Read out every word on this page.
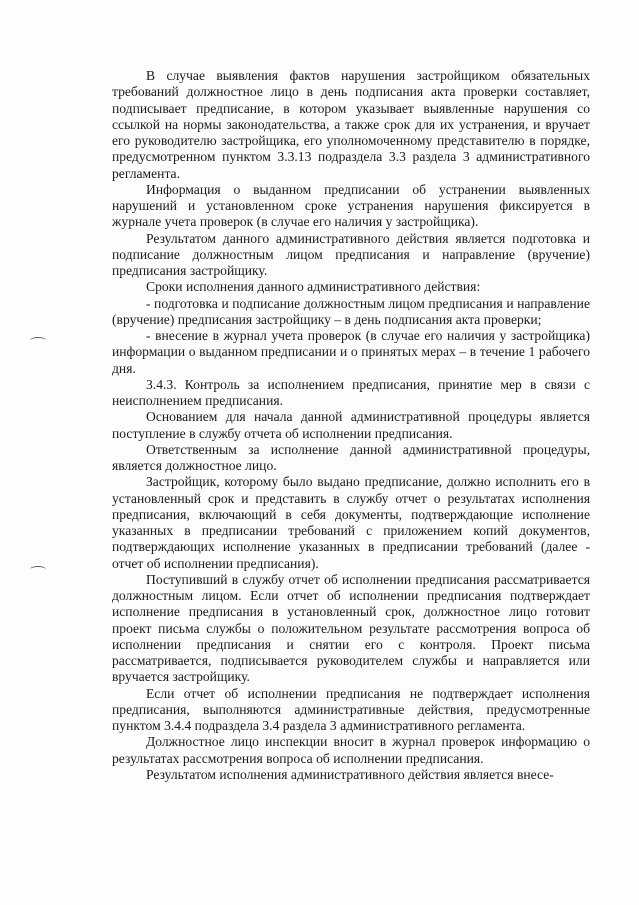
В случае выявления фактов нарушения застройщиком обязательных требований должностное лицо в день подписания акта проверки составляет, подписывает предписание, в котором указывает выявленные нарушения со ссылкой на нормы законодательства, а также срок для их устранения, и вручает его руководителю застройщика, его уполномоченному представителю в порядке, предусмотренном пунктом 3.3.13 подраздела 3.3 раздела 3 административного регламента.

Информация о выданном предписании об устранении выявленных нарушений и установленном сроке устранения нарушения фиксируется в журнале учета проверок (в случае его наличия у застройщика).

Результатом данного административного действия является подготовка и подписание должностным лицом предписания и направление (вручение) предписания застройщику.

Сроки исполнения данного административного действия:

- подготовка и подписание должностным лицом предписания и направление (вручение) предписания застройщику – в день подписания акта проверки;

- внесение в журнал учета проверок (в случае его наличия у застройщика) информации о выданном предписании и о принятых мерах – в течение 1 рабочего дня.

3.4.3. Контроль за исполнением предписания, принятие мер в связи с неисполнением предписания.

Основанием для начала данной административной процедуры является поступление в службу отчета об исполнении предписания.

Ответственным за исполнение данной административной процедуры, является должностное лицо.

Застройщик, которому было выдано предписание, должно исполнить его в установленный срок и представить в службу отчет о результатах исполнения предписания, включающий в себя документы, подтверждающие исполнение указанных в предписании требований с приложением копий документов, подтверждающих исполнение указанных в предписании требований (далее - отчет об исполнении предписания).

Поступивший в службу отчет об исполнении предписания рассматривается должностным лицом. Если отчет об исполнении предписания подтверждает исполнение предписания в установленный срок, должностное лицо готовит проект письма службы о положительном результате рассмотрения вопроса об исполнении предписания и снятии его с контроля. Проект письма рассматривается, подписывается руководителем службы и направляется или вручается застройщику.

Если отчет об исполнении предписания не подтверждает исполнения предписания, выполняются административные действия, предусмотренные пунктом 3.4.4 подраздела 3.4 раздела 3 административного регламента.

Должностное лицо инспекции вносит в журнал проверок информацию о результатах рассмотрения вопроса об исполнении предписания.

Результатом исполнения административного действия является внесе-
